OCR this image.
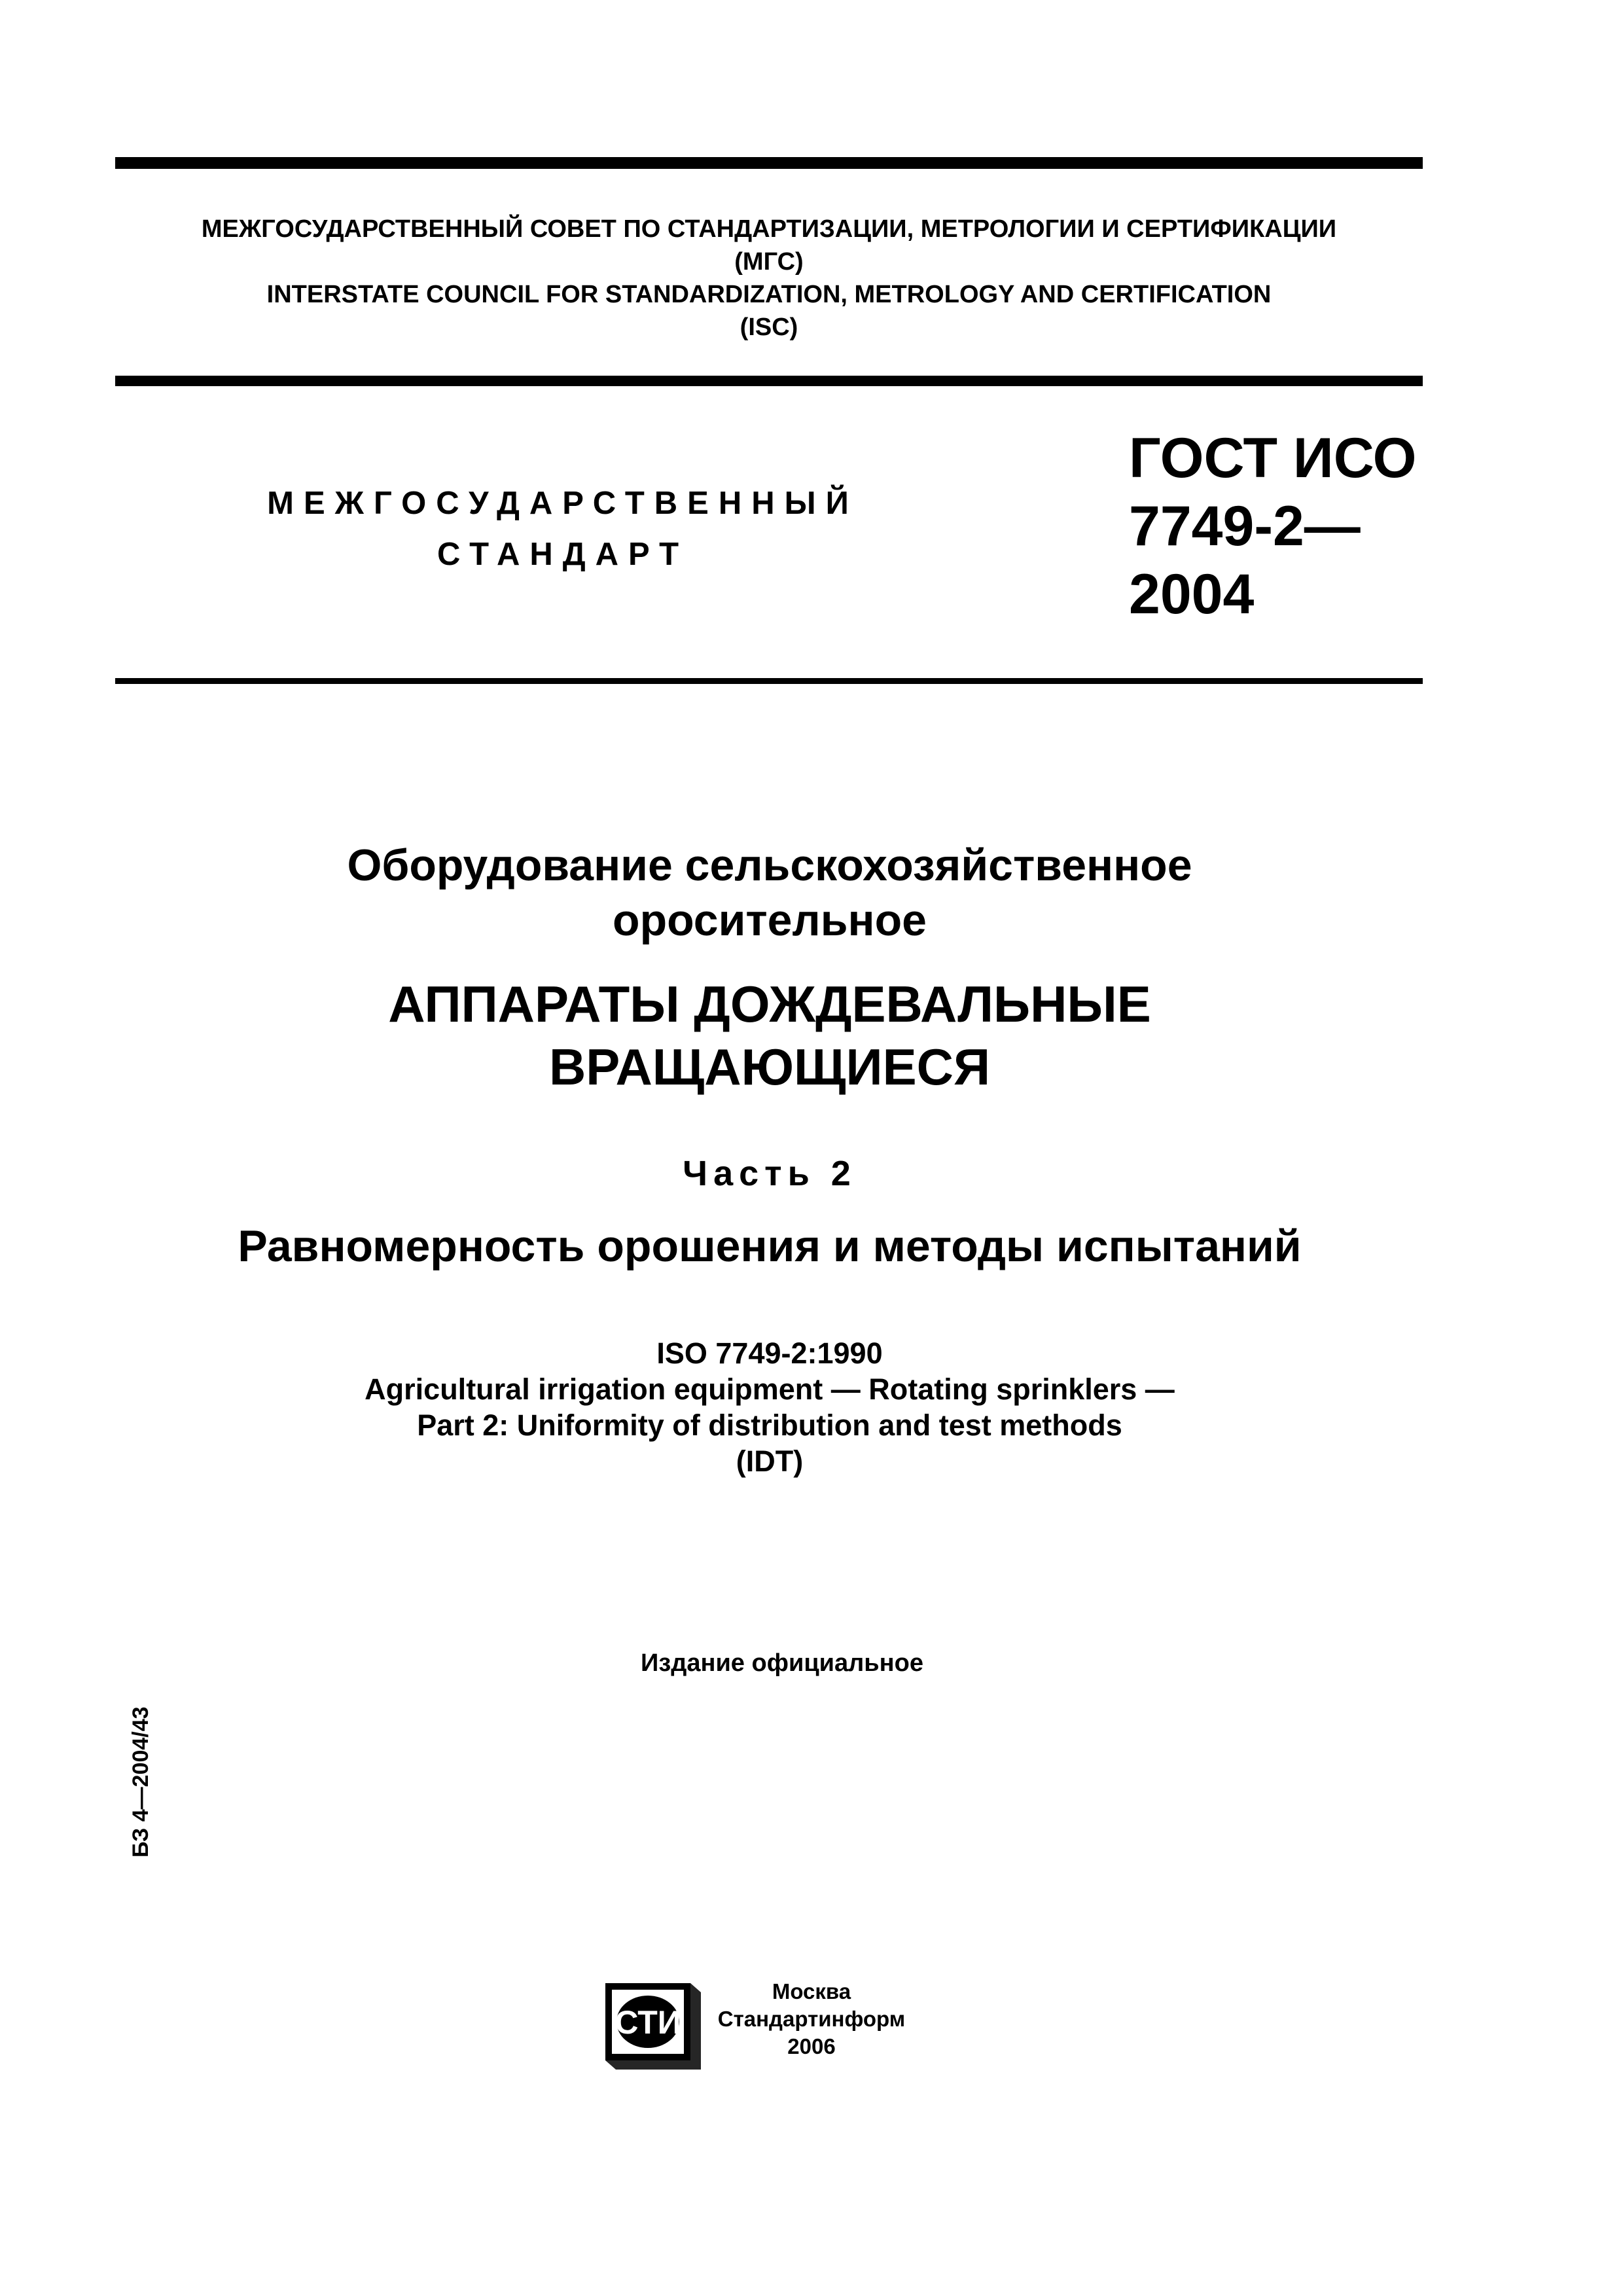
МЕЖГОСУДАРСТВЕННЫЙ СОВЕТ ПО СТАНДАРТИЗАЦИИ, МЕТРОЛОГИИ И СЕРТИФИКАЦИИ
(МГС)
INTERSTATE COUNCIL FOR STANDARDIZATION, METROLOGY AND CERTIFICATION
(ISC)
МЕЖГОСУДАРСТВЕННЫЙ
СТАНДАРТ
ГОСТ ИСО
7749-2—
2004
Оборудование сельскохозяйственное
оросительное
АППАРАТЫ ДОЖДЕВАЛЬНЫЕ
ВРАЩАЮЩИЕСЯ
Часть 2
Равномерность орошения и методы испытаний
ISO 7749-2:1990
Agricultural irrigation equipment — Rotating sprinklers —
Part 2: Uniformity of distribution and test methods
(IDT)
Издание официальное
БЗ 4—2004/43
СТИ
Москва
Стандартинформ
2006
